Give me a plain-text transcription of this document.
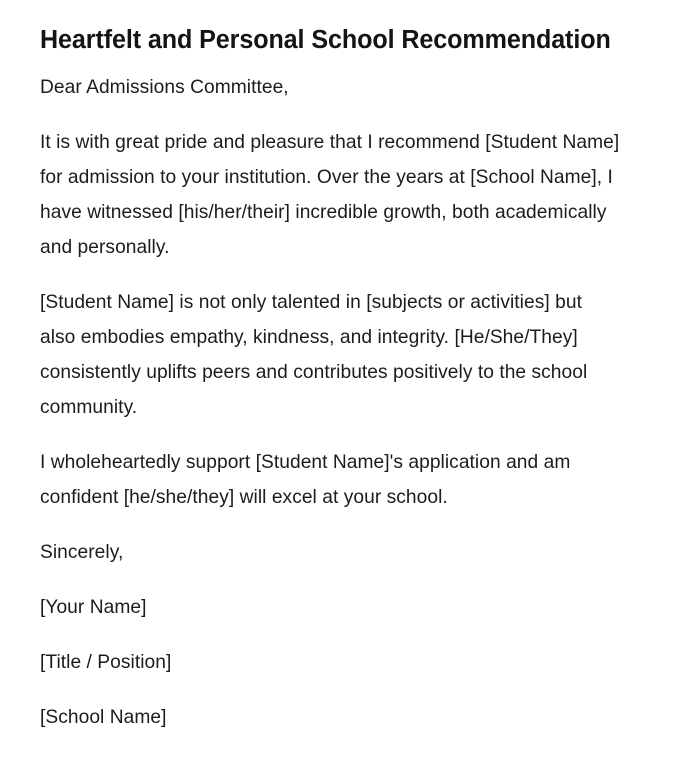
Heartfelt and Personal School Recommendation

Dear Admissions Committee,

It is with great pride and pleasure that I recommend [Student Name] for admission to your institution. Over the years at [School Name], I have witnessed [his/her/their] incredible growth, both academically and personally.

[Student Name] is not only talented in [subjects or activities] but also embodies empathy, kindness, and integrity. [He/She/They] consistently uplifts peers and contributes positively to the school community.

I wholeheartedly support [Student Name]'s application and am confident [he/she/they] will excel at your school.

Sincerely,

[Your Name]

[Title / Position]

[School Name]
